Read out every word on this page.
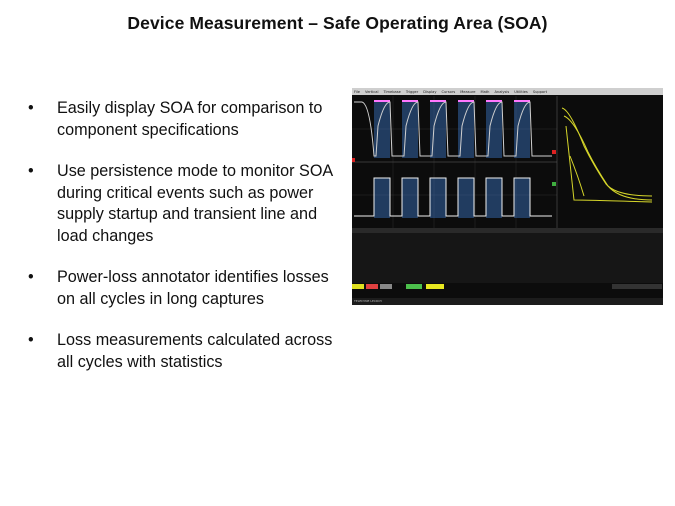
Device Measurement – Safe Operating Area (SOA)
• Easily display SOA for comparison to component specifications
• Use persistence mode to monitor SOA during critical events such as power supply startup and transient line and load changes
• Power-loss annotator identifies losses on all cycles in long captures
• Loss measurements calculated across all cycles with statistics
File Vertical Timebase Trigger Display Cursors Measure Math Analysis Utilities Support
TELEDYNE LECROY
